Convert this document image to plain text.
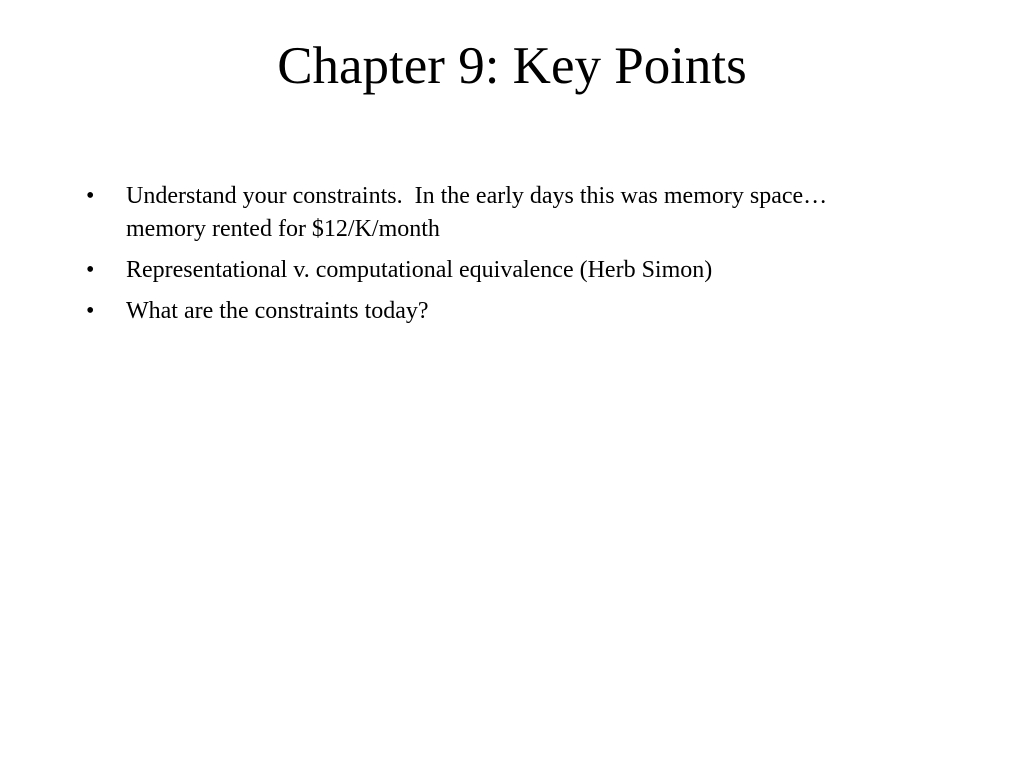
Chapter 9: Key Points
•	Understand your constraints.  In the early days this was memory space… memory rented for $12/K/month
•	Representational v. computational equivalence (Herb Simon)
•	What are the constraints today?
